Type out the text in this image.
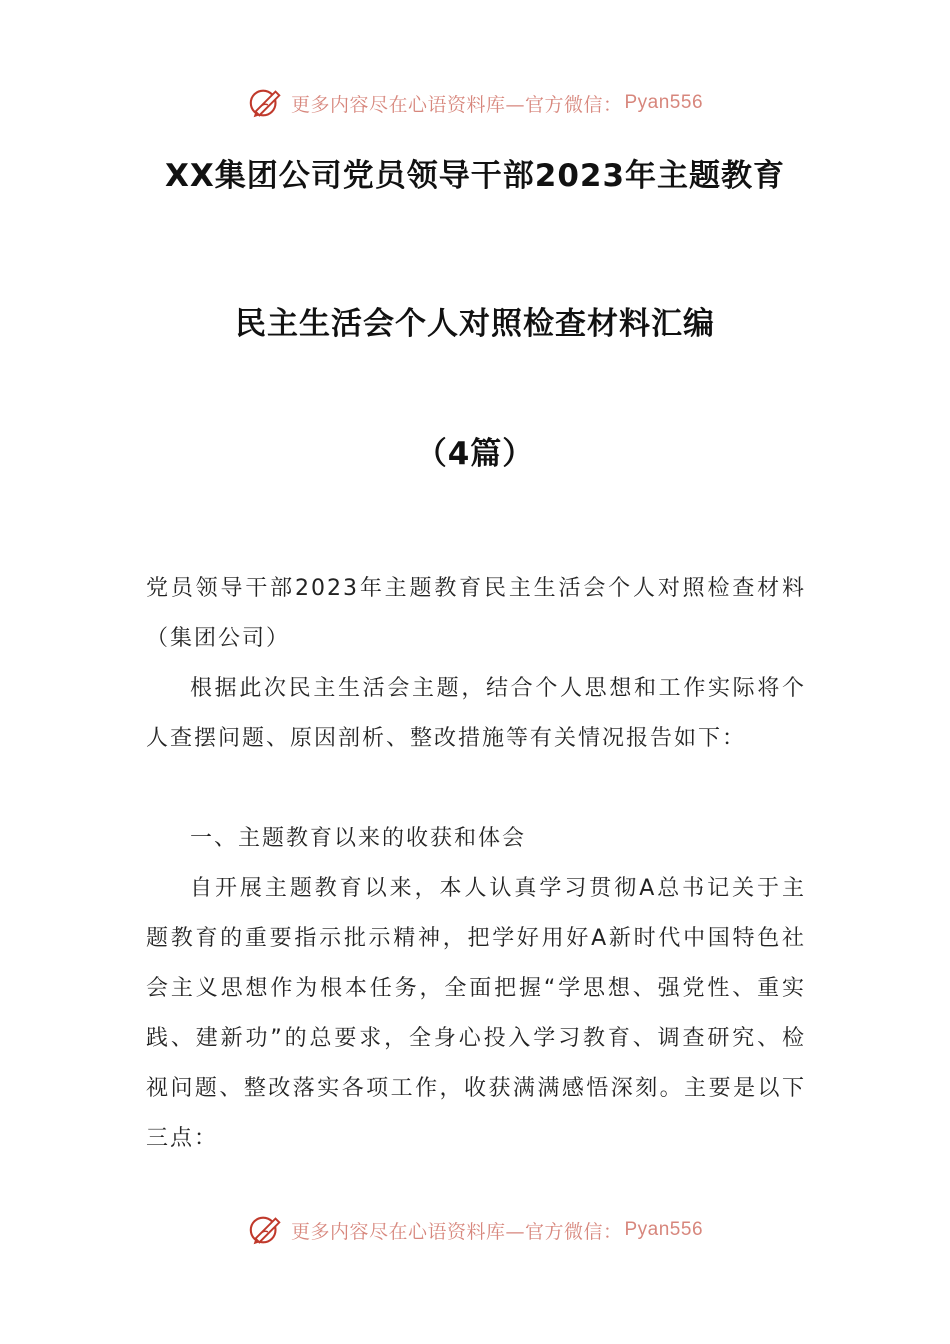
更多内容尽在心语资料库—官方微信： Pyan556
XX集团公司党员领导干部2023年主题教育
民主生活会个人对照检查材料汇编
（4篇）
党员领导干部2023年主题教育民主生活会个人对照检查材料（集团公司）
根据此次民主生活会主题，结合个人思想和工作实际将个人查摆问题、原因剖析、整改措施等有关情况报告如下：
一、主题教育以来的收获和体会
自开展主题教育以来，本人认真学习贯彻A总书记关于主题教育的重要指示批示精神，把学好用好A新时代中国特色社会主义思想作为根本任务，全面把握“学思想、强党性、重实践、建新功”的总要求，全身心投入学习教育、调查研究、检视问题、整改落实各项工作，收获满满感悟深刻。主要是以下三点：
更多内容尽在心语资料库—官方微信： Pyan556
